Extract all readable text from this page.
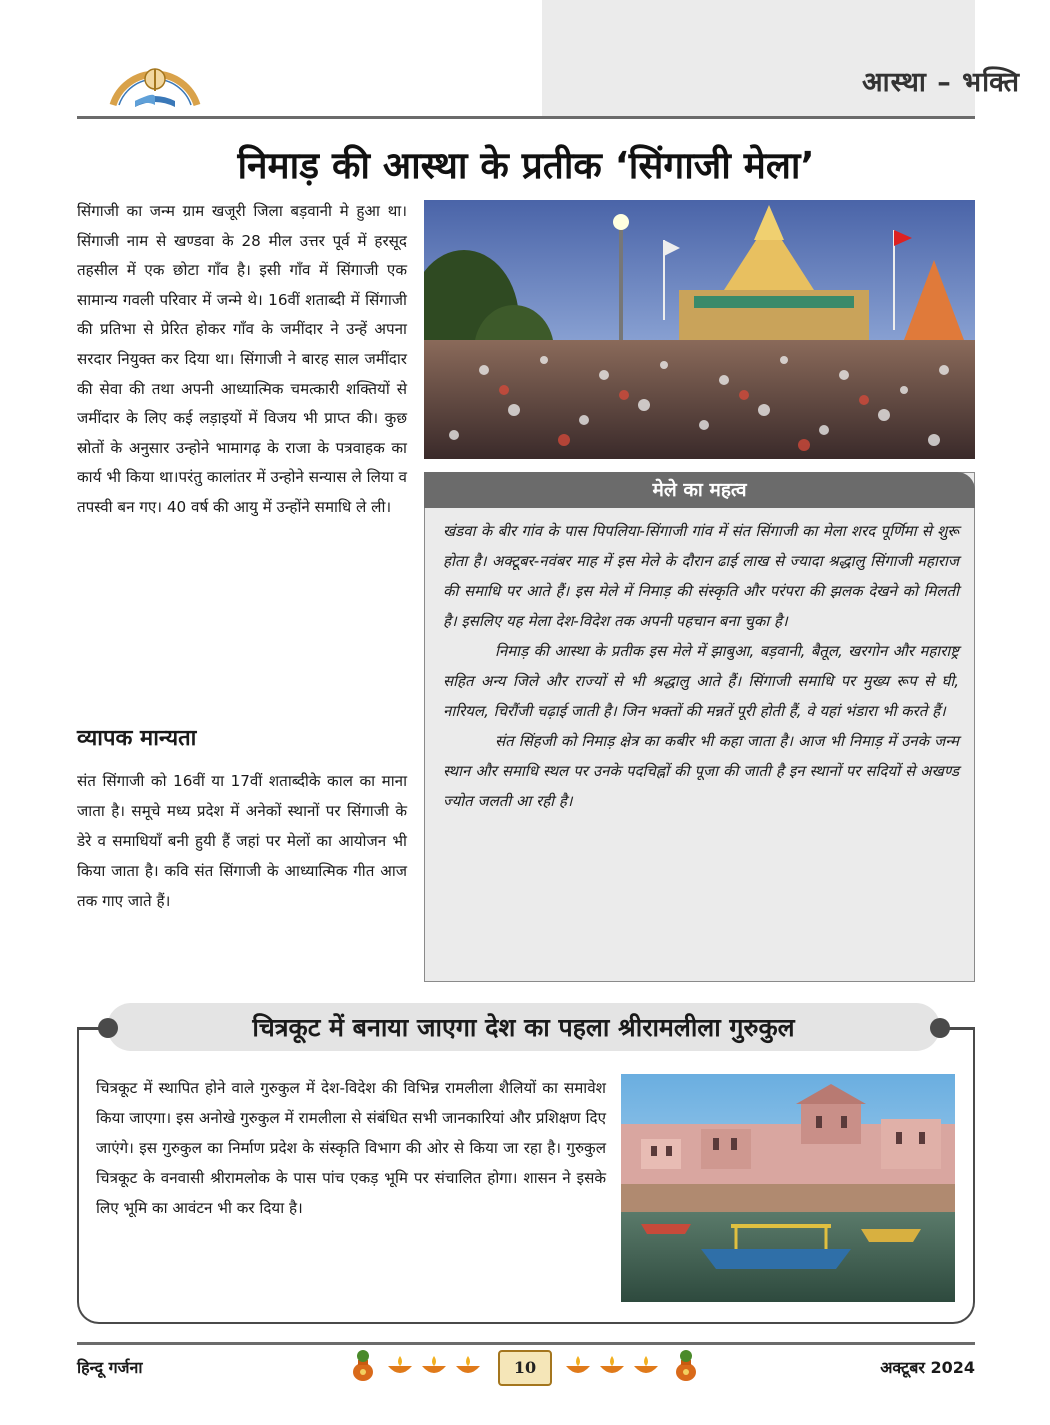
आस्था – भक्ति
निमाड़ की आस्था के प्रतीक ‘सिंगाजी मेला’
सिंगाजी का जन्म ग्राम खजूरी जिला बड़वानी मे हुआ था। सिंगाजी नाम से खण्डवा के 28 मील उत्तर पूर्व में हरसूद तहसील में एक छोटा गाँव है। इसी गाँव में सिंगाजी एक सामान्य गवली परिवार में जन्मे थे। 16वीं शताब्दी में सिंगाजी की प्रतिभा से प्रेरित होकर गाँव के जमींदार ने उन्हें अपना सरदार नियुक्त कर दिया था। सिंगाजी ने बारह साल जमींदार की सेवा की तथा अपनी आध्यात्मिक चमत्कारी शक्तियों से जमींदार के लिए कई लड़ाइयों में विजय भी प्राप्त की। कुछ स्रोतों के अनुसार उन्होने भामागढ़ के राजा के पत्रवाहक का कार्य भी किया था।परंतु कालांतर में उन्होने सन्यास ले लिया व तपस्वी बन गए। 40 वर्ष की आयु में उन्होंने समाधि ले ली।
व्यापक मान्यता
संत सिंगाजी को 16वीं या 17वीं शताब्दीके काल का माना जाता है। समूचे मध्य प्रदेश में अनेकों स्थानों पर सिंगाजी के डेरे व समाधियाँ बनी हुयी हैं जहां पर मेलों का आयोजन भी किया जाता है। कवि संत सिंगाजी के आध्यात्मिक गीत आज तक गाए जाते हैं।
मेले का महत्व

खंडवा के बीर गांव के पास पिपलिया-सिंगाजी गांव में संत सिंगाजी का मेला शरद पूर्णिमा से शुरू होता है। अक्टूबर-नवंबर माह में इस मेले के दौरान ढाई लाख से ज्यादा श्रद्धालु सिंगाजी महाराज की समाधि पर आते हैं। इस मेले में निमाड़ की संस्कृति और परंपरा की झलक देखने को मिलती है। इसलिए यह मेला देश-विदेश तक अपनी पहचान बना चुका है।

निमाड़ की आस्था के प्रतीक इस मेले में झाबुआ, बड़वानी, बैतूल, खरगोन और महाराष्ट्र सहित अन्य जिले और राज्यों से भी श्रद्धालु आते हैं। सिंगाजी समाधि पर मुख्य रूप से घी, नारियल, चिरौंजी चढ़ाई जाती है। जिन भक्तों की मन्नतें पूरी होती हैं, वे यहां भंडारा भी करते हैं।

संत सिंहजी को निमाड़ क्षेत्र का कबीर भी कहा जाता है। आज भी निमाड़ में उनके जन्म स्थान और समाधि स्थल पर उनके पदचिह्नों की पूजा की जाती है इन स्थानों पर सदियों से अखण्ड ज्योत जलती आ रही है।

चित्रकूट में बनाया जाएगा देश का पहला श्रीरामलीला गुरुकुल
चित्रकूट में स्थापित होने वाले गुरुकुल में देश-विदेश की विभिन्न रामलीला शैलियों का समावेश किया जाएगा। इस अनोखे गुरुकुल में रामलीला से संबंधित सभी जानकारियां और प्रशिक्षण दिए जाएंगे। इस गुरुकुल का निर्माण प्रदेश के संस्कृति विभाग की ओर से किया जा रहा है। गुरुकुल चित्रकूट के वनवासी श्रीरामलोक के पास पांच एकड़ भूमि पर संचालित होगा। शासन ने इसके लिए भूमि का आवंटन भी कर दिया है।
हिन्दू गर्जना	10	अक्टूबर 2024
